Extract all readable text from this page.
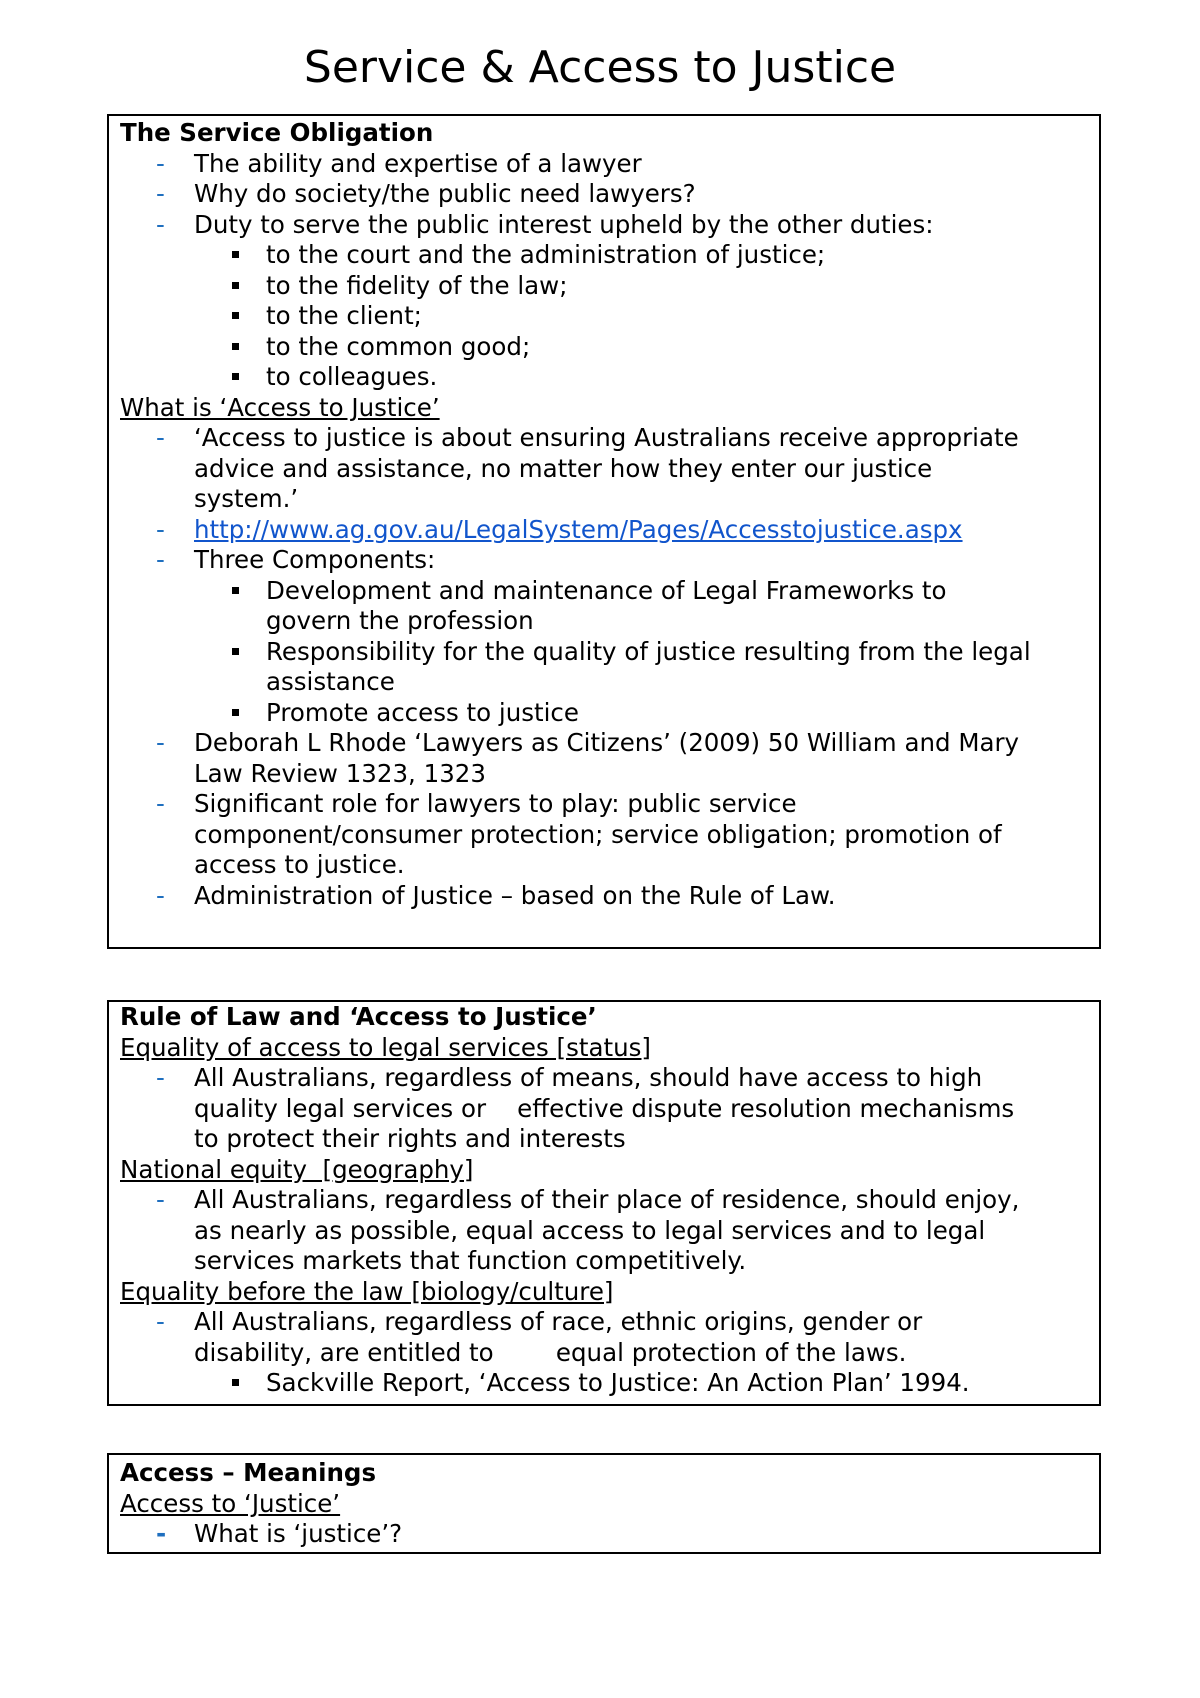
Service & Access to Justice
The Service Obligation
- The ability and expertise of a lawyer
- Why do society/the public need lawyers?
- Duty to serve the public interest upheld by the other duties:
to the court and the administration of justice;
to the fidelity of the law;
to the client;
to the common good;
to colleagues.
What is ‘Access to Justice’
- ‘Access to justice is about ensuring Australians receive appropriate
advice and assistance, no matter how they enter our justice
system.’
- http://www.ag.gov.au/LegalSystem/Pages/Accesstojustice.aspx
- Three Components:
Development and maintenance of Legal Frameworks to
govern the profession
Responsibility for the quality of justice resulting from the legal
assistance
Promote access to justice
- Deborah L Rhode ‘Lawyers as Citizens’ (2009) 50 William and Mary
Law Review 1323, 1323
- Significant role for lawyers to play: public service
component/consumer protection; service obligation; promotion of
access to justice.
- Administration of Justice – based on the Rule of Law.
Rule of Law and ‘Access to Justice’
Equality of access to legal services [status]
- All Australians, regardless of means, should have access to high
quality legal services or    effective dispute resolution mechanisms
to protect their rights and interests
National equity  [geography]
- All Australians, regardless of their place of residence, should enjoy,
as nearly as possible, equal access to legal services and to legal
services markets that function competitively.
Equality before the law [biology/culture]
- All Australians, regardless of race, ethnic origins, gender or
disability, are entitled to        equal protection of the laws.
Sackville Report, ‘Access to Justice: An Action Plan’ 1994.
Access – Meanings
Access to ‘Justice’
- What is ‘justice’?
